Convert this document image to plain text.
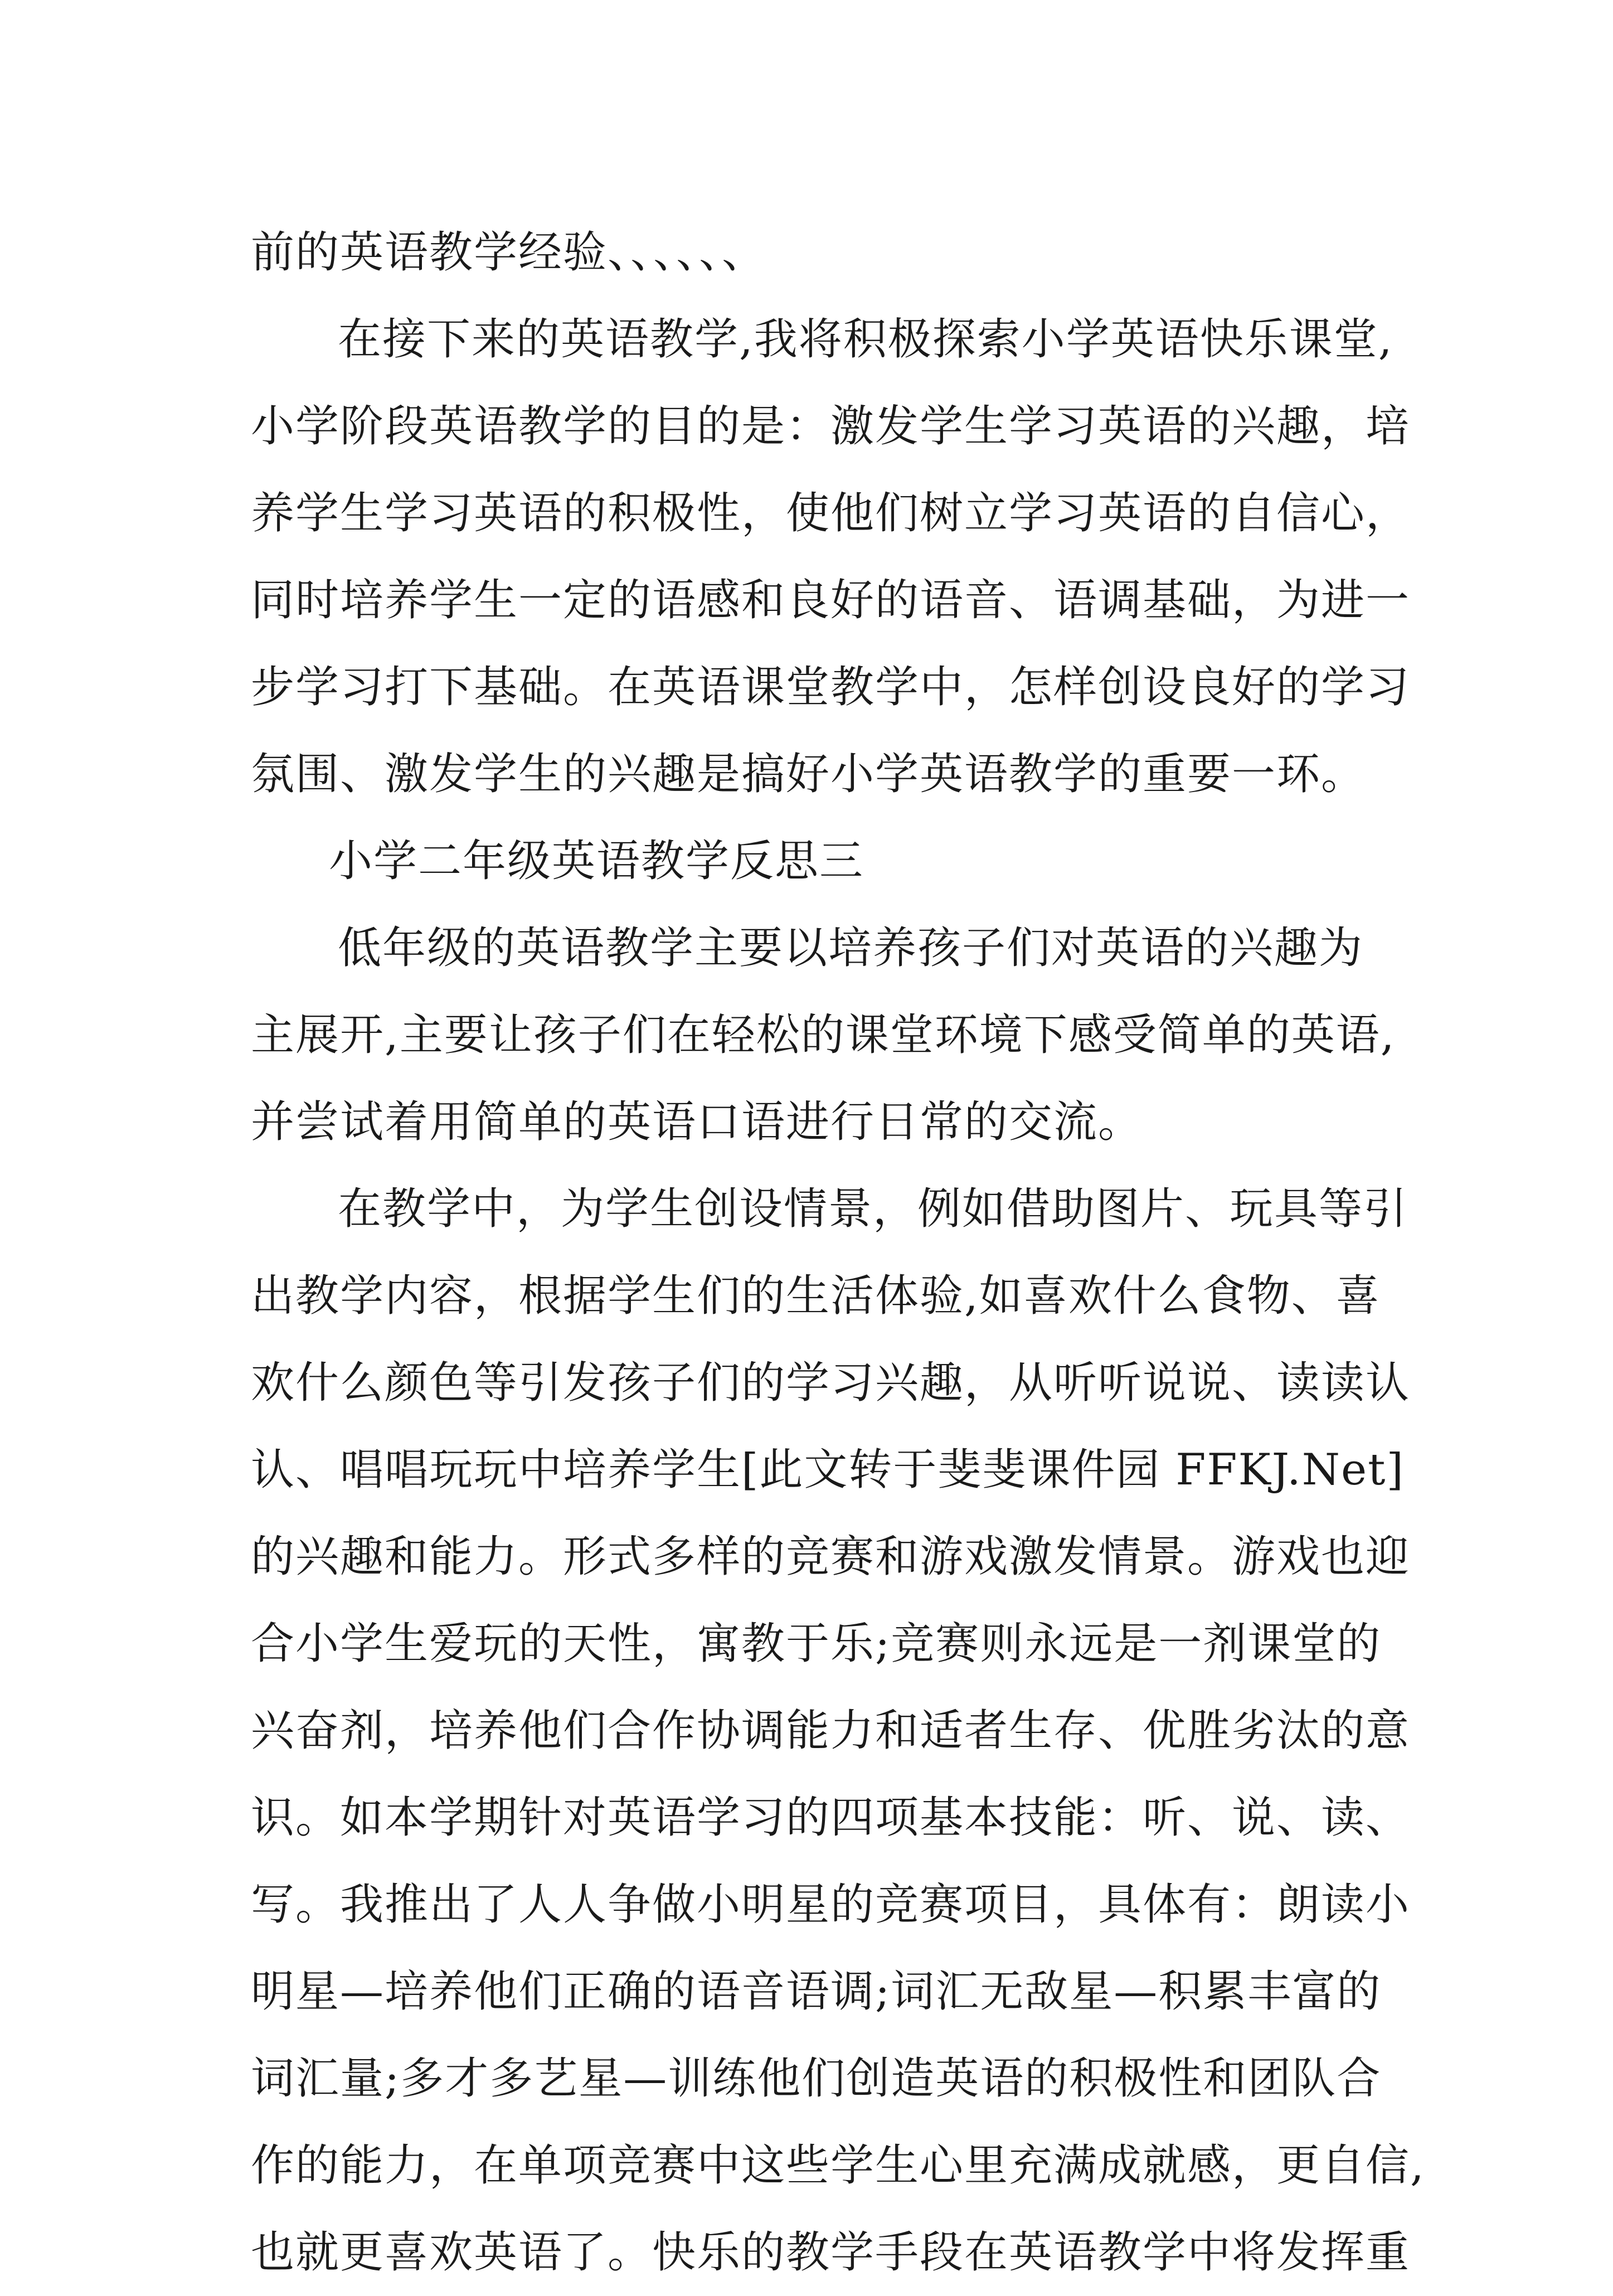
前的英语教学经验、、、、、、
在接下来的英语教学,我将积极探索小学英语快乐课堂,
小学阶段英语教学的目的是：激发学生学习英语的兴趣，培
养学生学习英语的积极性，使他们树立学习英语的自信心，
同时培养学生一定的语感和良好的语音、语调基础，为进一
步学习打下基础。在英语课堂教学中，怎样创设良好的学习
氛围、激发学生的兴趣是搞好小学英语教学的重要一环。
小学二年级英语教学反思三
低年级的英语教学主要以培养孩子们对英语的兴趣为
主展开,主要让孩子们在轻松的课堂环境下感受简单的英语,
并尝试着用简单的英语口语进行日常的交流。
在教学中，为学生创设情景，例如借助图片、玩具等引
出教学内容，根据学生们的生活体验,如喜欢什么食物、喜
欢什么颜色等引发孩子们的学习兴趣，从听听说说、读读认
认、唱唱玩玩中培养学生[此文转于斐斐课件园 FFKJ.Net]
的兴趣和能力。形式多样的竞赛和游戏激发情景。游戏也迎
合小学生爱玩的天性，寓教于乐;竞赛则永远是一剂课堂的
兴奋剂，培养他们合作协调能力和适者生存、优胜劣汰的意
识。如本学期针对英语学习的四项基本技能：听、说、读、
写。我推出了人人争做小明星的竞赛项目，具体有：朗读小
明星—培养他们正确的语音语调;词汇无敌星—积累丰富的
词汇量;多才多艺星—训练他们创造英语的积极性和团队合
作的能力，在单项竞赛中这些学生心里充满成就感，更自信,
也就更喜欢英语了。快乐的教学手段在英语教学中将发挥重
